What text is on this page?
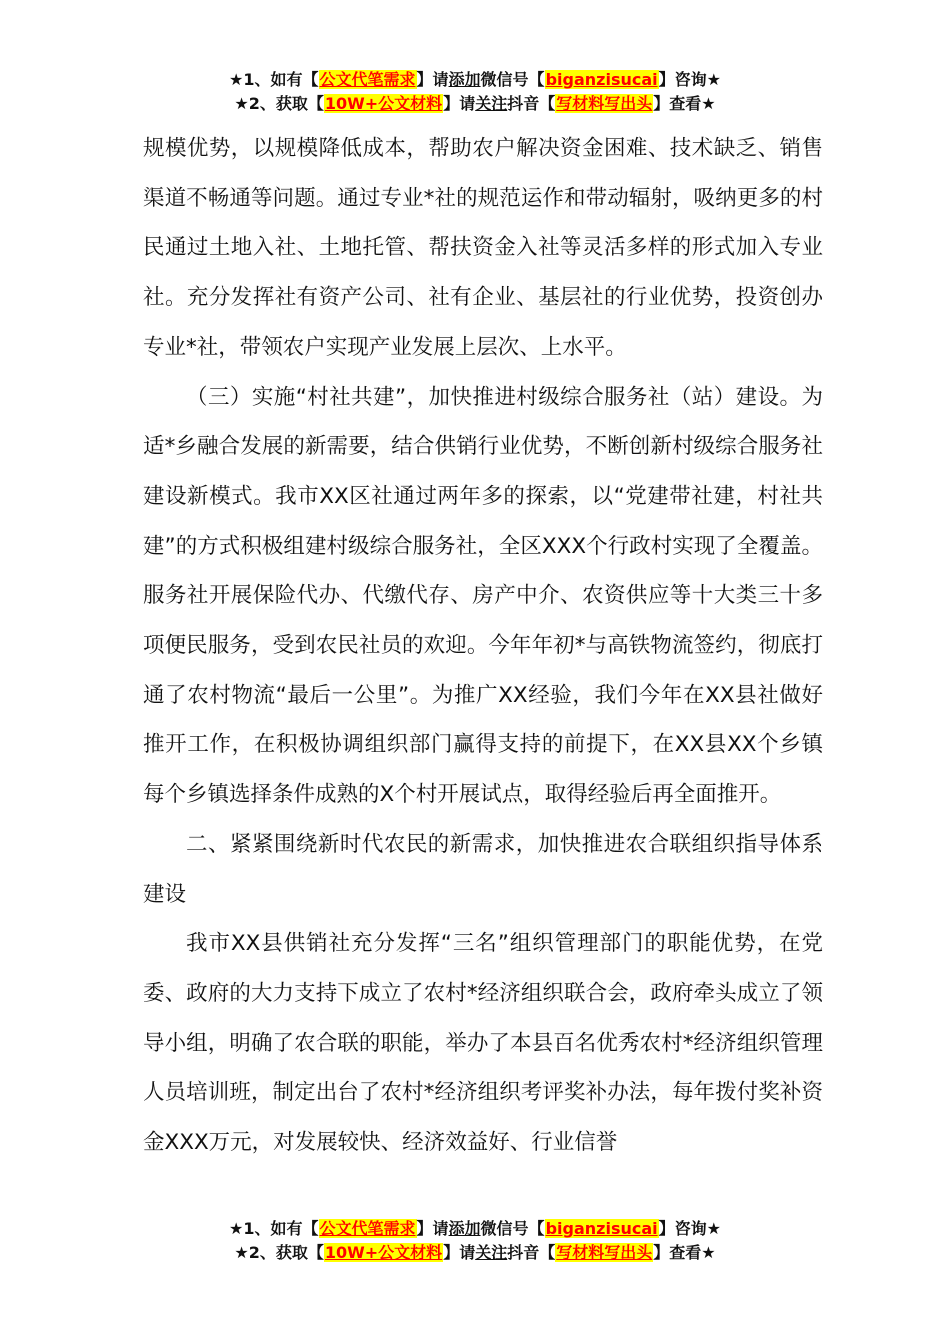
★1、如有【公文代笔需求】请添加微信号【biganzisucai】咨询★
★2、获取【10W+公文材料】请关注抖音【写材料写出头】查看★

规模优势，以规模降低成本，帮助农户解决资金困难、技术缺乏、销售渠道不畅通等问题。通过专业*社的规范运作和带动辐射，吸纳更多的村民通过土地入社、土地托管、帮扶资金入社等灵活多样的形式加入专业社。充分发挥社有资产公司、社有企业、基层社的行业优势，投资创办专业*社，带领农户实现产业发展上层次、上水平。

（三）实施“村社共建”，加快推进村级综合服务社（站）建设。为适*乡融合发展的新需要，结合供销行业优势，不断创新村级综合服务社建设新模式。我市XX区社通过两年多的探索，以“党建带社建，村社共建”的方式积极组建村级综合服务社，全区XXX个行政村实现了全覆盖。服务社开展保险代办、代缴代存、房产中介、农资供应等十大类三十多项便民服务，受到农民社员的欢迎。今年年初*与高铁物流签约，彻底打通了农村物流“最后一公里”。为推广XX经验，我们今年在XX县社做好推开工作，在积极协调组织部门赢得支持的前提下，在XX县XX个乡镇每个乡镇选择条件成熟的X个村开展试点，取得经验后再全面推开。

二、紧紧围绕新时代农民的新需求，加快推进农合联组织指导体系建设

我市XX县供销社充分发挥“三名”组织管理部门的职能优势，在党委、政府的大力支持下成立了农村*经济组织联合会，政府牵头成立了领导小组，明确了农合联的职能，举办了本县百名优秀农村*经济组织管理人员培训班，制定出台了农村*经济组织考评奖补办法，每年拨付奖补资金XXX万元，对发展较快、经济效益好、行业信誉

★1、如有【公文代笔需求】请添加微信号【biganzisucai】咨询★
★2、获取【10W+公文材料】请关注抖音【写材料写出头】查看★
